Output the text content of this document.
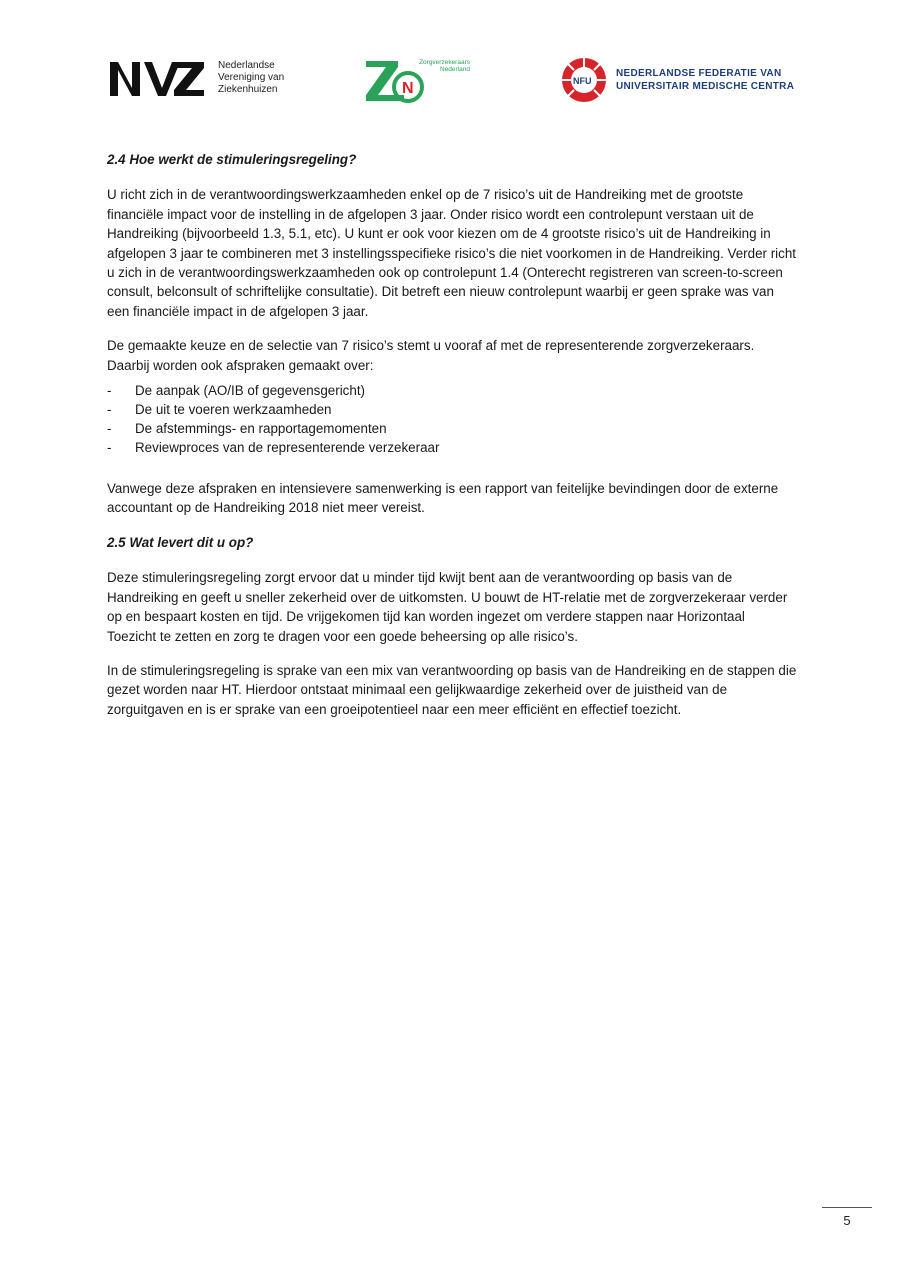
Nederlandse
Vereniging van
Ziekenhuizen	N
Zorgverzekeraars
Nederland
NFU
NEDERLANDSE FEDERATIE VAN
UNIVERSITAIR MEDISCHE CENTRA
2.4 Hoe werkt de stimuleringsregeling?

U richt zich in de verantwoordingswerkzaamheden enkel op de 7 risico’s uit de Handreiking met de grootste financiële impact voor de instelling in de afgelopen 3 jaar. Onder risico wordt een controlepunt verstaan uit de Handreiking (bijvoorbeeld 1.3, 5.1, etc). U kunt er ook voor kiezen om de 4 grootste risico’s uit de Handreiking in afgelopen 3 jaar te combineren met 3 instellingsspecifieke risico’s die niet voorkomen in de Handreiking. Verder richt u zich in de verantwoordingswerkzaamheden ook op controlepunt 1.4 (Onterecht registreren van screen-to-screen consult, belconsult of schriftelijke consultatie). Dit betreft een nieuw controlepunt waarbij er geen sprake was van een financiële impact in de afgelopen 3 jaar.

De gemaakte keuze en de selectie van 7 risico’s stemt u vooraf af met de representerende zorgverzekeraars. Daarbij worden ook afspraken gemaakt over:

-	De aanpak (AO/IB of gegevensgericht)
-	De uit te voeren werkzaamheden
-	De afstemmings- en rapportagemomenten
-	Reviewproces van de representerende verzekeraar

Vanwege deze afspraken en intensievere samenwerking is een rapport van feitelijke bevindingen door de externe accountant op de Handreiking 2018 niet meer vereist.

2.5 Wat levert dit u op?

Deze stimuleringsregeling zorgt ervoor dat u minder tijd kwijt bent aan de verantwoording op basis van de Handreiking en geeft u sneller zekerheid over de uitkomsten. U bouwt de HT-relatie met de zorgverzekeraar verder op en bespaart kosten en tijd. De vrijgekomen tijd kan worden ingezet om verdere stappen naar Horizontaal Toezicht te zetten en zorg te dragen voor een goede beheersing op alle risico’s.

In de stimuleringsregeling is sprake van een mix van verantwoording op basis van de Handreiking en de stappen die gezet worden naar HT. Hierdoor ontstaat minimaal een gelijkwaardige zekerheid over de juistheid van de zorguitgaven en is er sprake van een groeipotentieel naar een meer efficiënt en effectief toezicht.

5
